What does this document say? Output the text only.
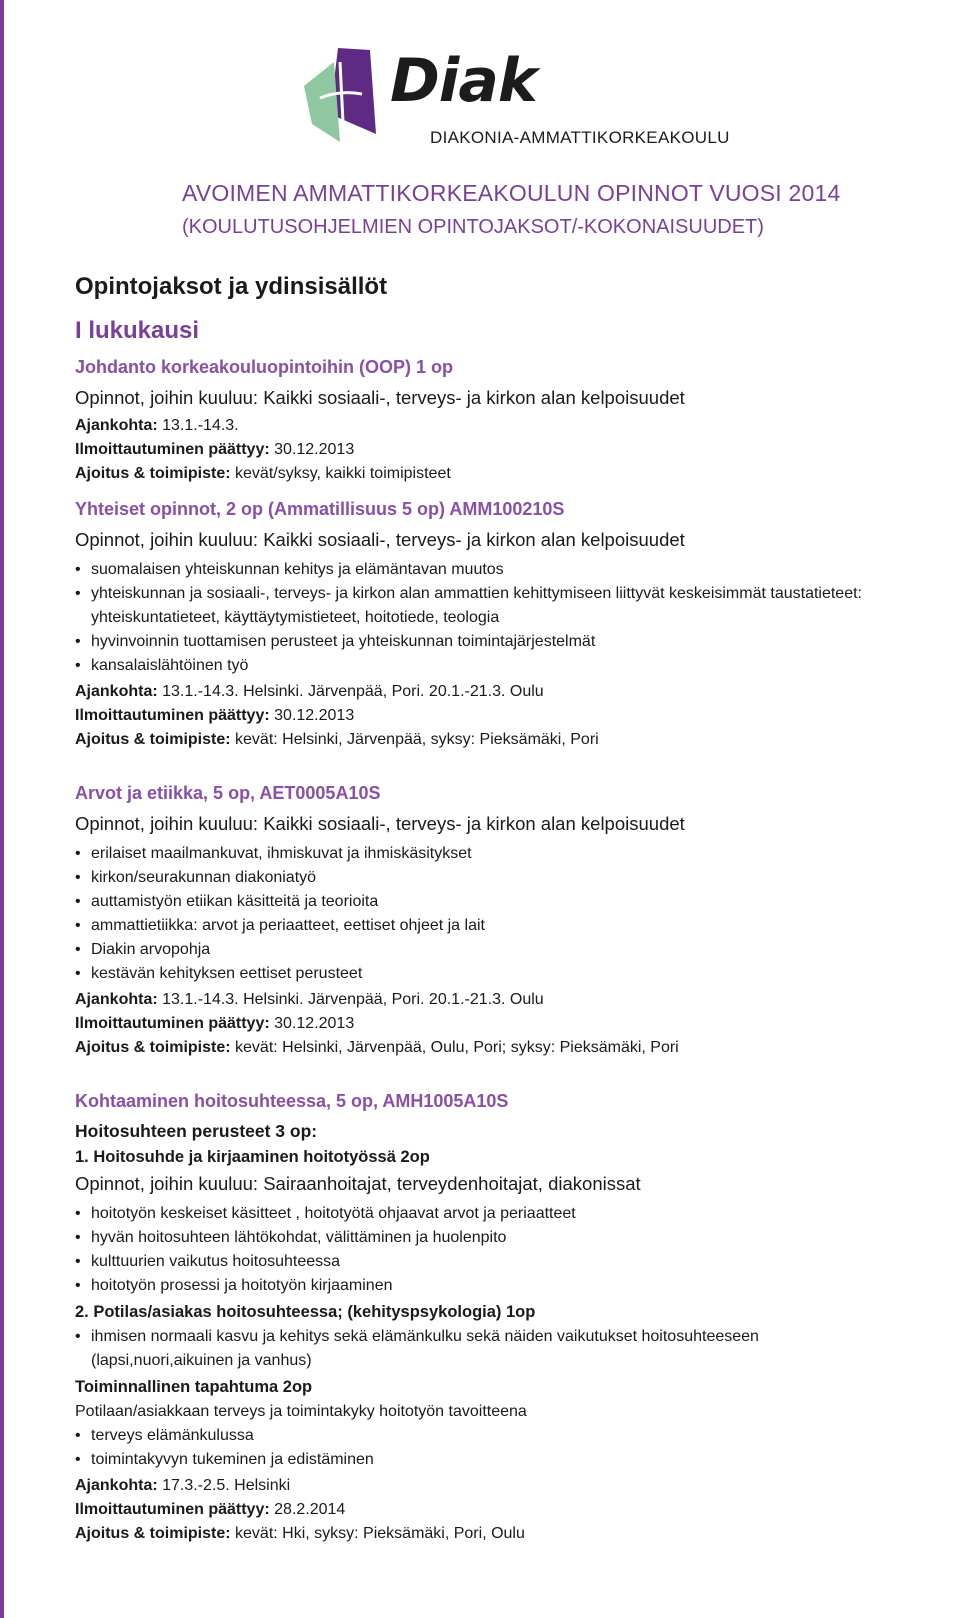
Diak
DIAKONIA-AMMATTIKORKEAKOULU
AVOIMEN AMMATTIKORKEAKOULUN OPINNOT VUOSI 2014
(KOULUTUSOHJELMIEN OPINTOJAKSOT/-KOKONAISUUDET)
Opintojaksot ja ydinsisällöt
I lukukausi
Johdanto korkeakouluopintoihin (OOP) 1 op
Opinnot, joihin kuuluu: Kaikki sosiaali-, terveys- ja kirkon alan kelpoisuudet
Ajankohta: 13.1.-14.3.
Ilmoittautuminen päättyy: 30.12.2013
Ajoitus & toimipiste: kevät/syksy, kaikki toimipisteet
Yhteiset opinnot, 2 op (Ammatillisuus 5 op) AMM100210S
Opinnot, joihin kuuluu: Kaikki sosiaali-, terveys- ja kirkon alan kelpoisuudet
• suomalaisen yhteiskunnan kehitys ja elämäntavan muutos
• yhteiskunnan ja sosiaali-, terveys- ja kirkon alan ammattien kehittymiseen liittyvät keskeisimmät taustatieteet: yhteiskuntatieteet, käyttäytymistieteet, hoitotiede, teologia
• hyvinvoinnin tuottamisen perusteet ja yhteiskunnan toimintajärjestelmät
• kansalaislähtöinen työ
Ajankohta: 13.1.-14.3. Helsinki. Järvenpää, Pori. 20.1.-21.3. Oulu
Ilmoittautuminen päättyy: 30.12.2013
Ajoitus & toimipiste: kevät: Helsinki, Järvenpää, syksy: Pieksämäki, Pori
Arvot ja etiikka, 5 op, AET0005A10S
Opinnot, joihin kuuluu: Kaikki sosiaali-, terveys- ja kirkon alan kelpoisuudet
• erilaiset maailmankuvat, ihmiskuvat ja ihmiskäsitykset
• kirkon/seurakunnan diakoniatyö
• auttamistyön etiikan käsitteitä ja teorioita
• ammattietiikka: arvot ja periaatteet, eettiset ohjeet ja lait
• Diakin arvopohja
• kestävän kehityksen eettiset perusteet
Ajankohta: 13.1.-14.3. Helsinki. Järvenpää, Pori. 20.1.-21.3. Oulu
Ilmoittautuminen päättyy: 30.12.2013
Ajoitus & toimipiste: kevät: Helsinki, Järvenpää, Oulu, Pori; syksy: Pieksämäki, Pori
Kohtaaminen hoitosuhteessa, 5 op, AMH1005A10S
Hoitosuhteen perusteet 3 op:
1. Hoitosuhde ja kirjaaminen hoitotyössä 2op
Opinnot, joihin kuuluu: Sairaanhoitajat, terveydenhoitajat, diakonissat
• hoitotyön keskeiset käsitteet , hoitotyötä ohjaavat arvot ja periaatteet
• hyvän hoitosuhteen lähtökohdat, välittäminen ja huolenpito
• kulttuurien vaikutus hoitosuhteessa
• hoitotyön prosessi ja hoitotyön kirjaaminen
2. Potilas/asiakas hoitosuhteessa; (kehityspsykologia) 1op
• ihmisen normaali kasvu ja kehitys sekä elämänkulku sekä näiden vaikutukset hoitosuhteeseen (lapsi,nuori,aikuinen ja vanhus)
Toiminnallinen tapahtuma 2op
Potilaan/asiakkaan terveys ja toimintakyky hoitotyön tavoitteena
• terveys elämänkulussa
• toimintakyvyn tukeminen ja edistäminen
Ajankohta: 17.3.-2.5. Helsinki
Ilmoittautuminen päättyy: 28.2.2014
Ajoitus & toimipiste: kevät: Hki, syksy: Pieksämäki, Pori, Oulu
